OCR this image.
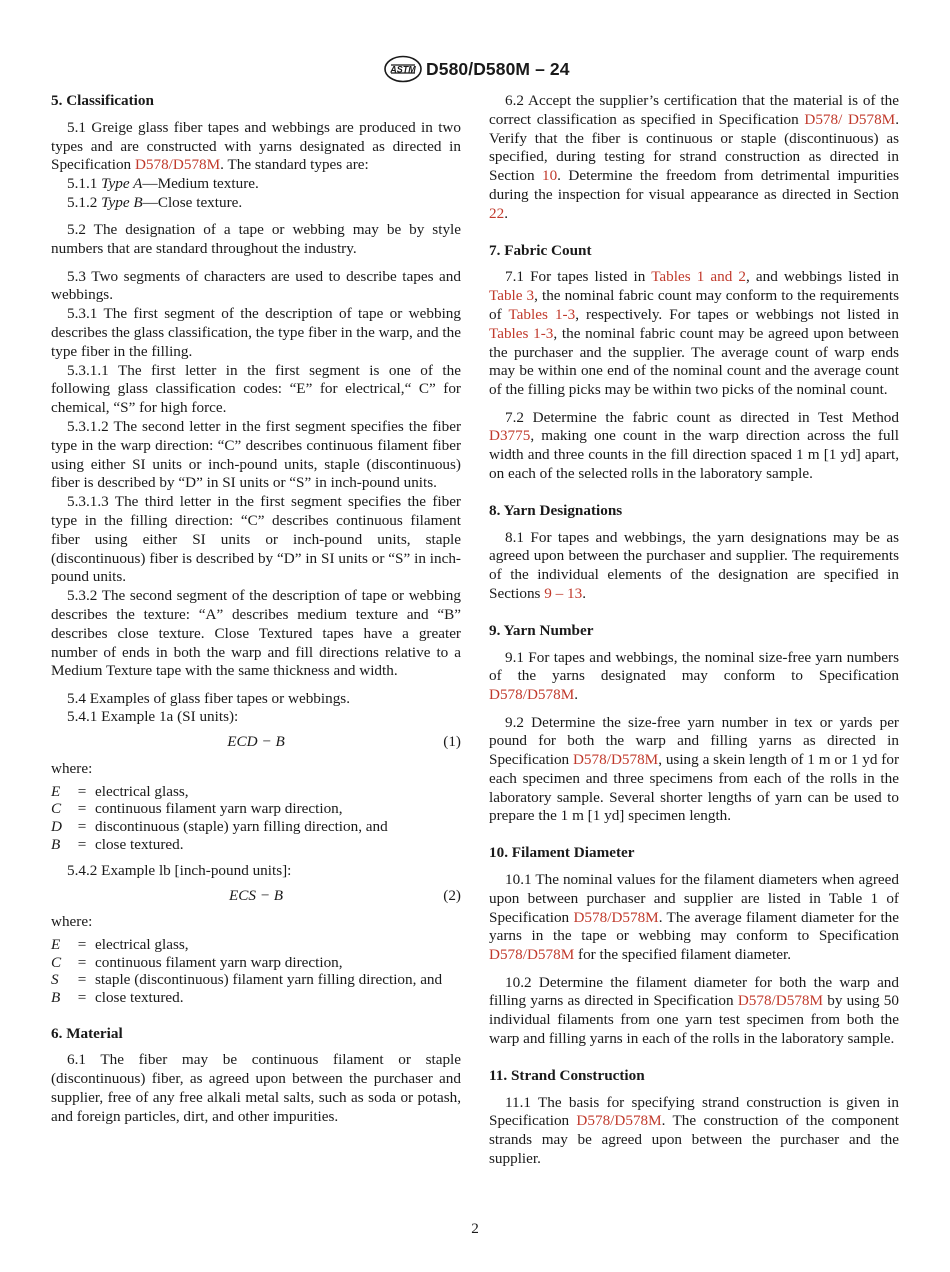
ASTM D580/D580M – 24
5. Classification

5.1 Greige glass fiber tapes and webbings are produced in two types and are constructed with yarns designated as directed in Specification D578/D578M. The standard types are:

5.1.1 Type A—Medium texture.

5.1.2 Type B—Close texture.

5.2 The designation of a tape or webbing may be by style numbers that are standard throughout the industry.

5.3 Two segments of characters are used to describe tapes and webbings.

5.3.1 The first segment of the description of tape or webbing describes the glass classification, the type fiber in the warp, and the type fiber in the filling.

5.3.1.1 The first letter in the first segment is one of the following glass classification codes: “E” for electrical,“ C” for chemical, “S” for high force.

5.3.1.2 The second letter in the first segment specifies the fiber type in the warp direction: “C” describes continuous filament fiber using either SI units or inch-pound units, staple (discontinuous) fiber is described by “D” in SI units or “S” in inch-pound units.

5.3.1.3 The third letter in the first segment specifies the fiber type in the filling direction: “C” describes continuous filament fiber using either SI units or inch-pound units, staple (discontinuous) fiber is described by “D” in SI units or “S” in inch-pound units.

5.3.2 The second segment of the description of tape or webbing describes the texture: “A” describes medium texture and “B” describes close texture. Close Textured tapes have a greater number of ends in both the warp and fill directions relative to a Medium Texture tape with the same thickness and width.

5.4 Examples of glass fiber tapes or webbings.

5.4.1 Example 1a (SI units):

ECD − B	(1)

where:

E	=	electrical glass,
C	=	continuous filament yarn warp direction,
D	=	discontinuous (staple) yarn filling direction, and
B	=	close textured.

5.4.2 Example lb [inch-pound units]:

ECS − B	(2)

where:

E	=	electrical glass,
C	=	continuous filament yarn warp direction,
S	=	staple (discontinuous) filament yarn filling direction, and
B	=	close textured.
6. Material

6.1 The fiber may be continuous filament or staple (discontinuous) fiber, as agreed upon between the purchaser and supplier, free of any free alkali metal salts, such as soda or potash, and foreign particles, dirt, and other impurities.

6.2 Accept the supplier’s certification that the material is of the correct classification as specified in Specification D578/ D578M. Verify that the fiber is continuous or staple (discontinuous) as specified, during testing for strand construction as directed in Section 10. Determine the freedom from detrimental impurities during the inspection for visual appearance as directed in Section 22.

7. Fabric Count

7.1 For tapes listed in Tables 1 and 2, and webbings listed in Table 3, the nominal fabric count may conform to the requirements of Tables 1-3, respectively. For tapes or webbings not listed in Tables 1-3, the nominal fabric count may be agreed upon between the purchaser and the supplier. The average count of warp ends may be within one end of the nominal count and the average count of the filling picks may be within two picks of the nominal count.

7.2 Determine the fabric count as directed in Test Method D3775, making one count in the warp direction across the full width and three counts in the fill direction spaced 1 m [1 yd] apart, on each of the selected rolls in the laboratory sample.

8. Yarn Designations

8.1 For tapes and webbings, the yarn designations may be as agreed upon between the purchaser and supplier. The requirements of the individual elements of the designation are specified in Sections 9 – 13.

9. Yarn Number

9.1 For tapes and webbings, the nominal size-free yarn numbers of the yarns designated may conform to Specification D578/D578M.

9.2 Determine the size-free yarn number in tex or yards per pound for both the warp and filling yarns as directed in Specification D578/D578M, using a skein length of 1 m or 1 yd for each specimen and three specimens from each of the rolls in the laboratory sample. Several shorter lengths of yarn can be used to prepare the 1 m [1 yd] specimen length.

10. Filament Diameter

10.1 The nominal values for the filament diameters when agreed upon between purchaser and supplier are listed in Table 1 of Specification D578/D578M. The average filament diameter for the yarns in the tape or webbing may conform to Specification D578/D578M for the specified filament diameter.

10.2 Determine the filament diameter for both the warp and filling yarns as directed in Specification D578/D578M by using 50 individual filaments from one yarn test specimen from both the warp and filling yarns in each of the rolls in the laboratory sample.

11. Strand Construction

11.1 The basis for specifying strand construction is given in Specification D578/D578M. The construction of the component strands may be agreed upon between the purchaser and the supplier.

2
